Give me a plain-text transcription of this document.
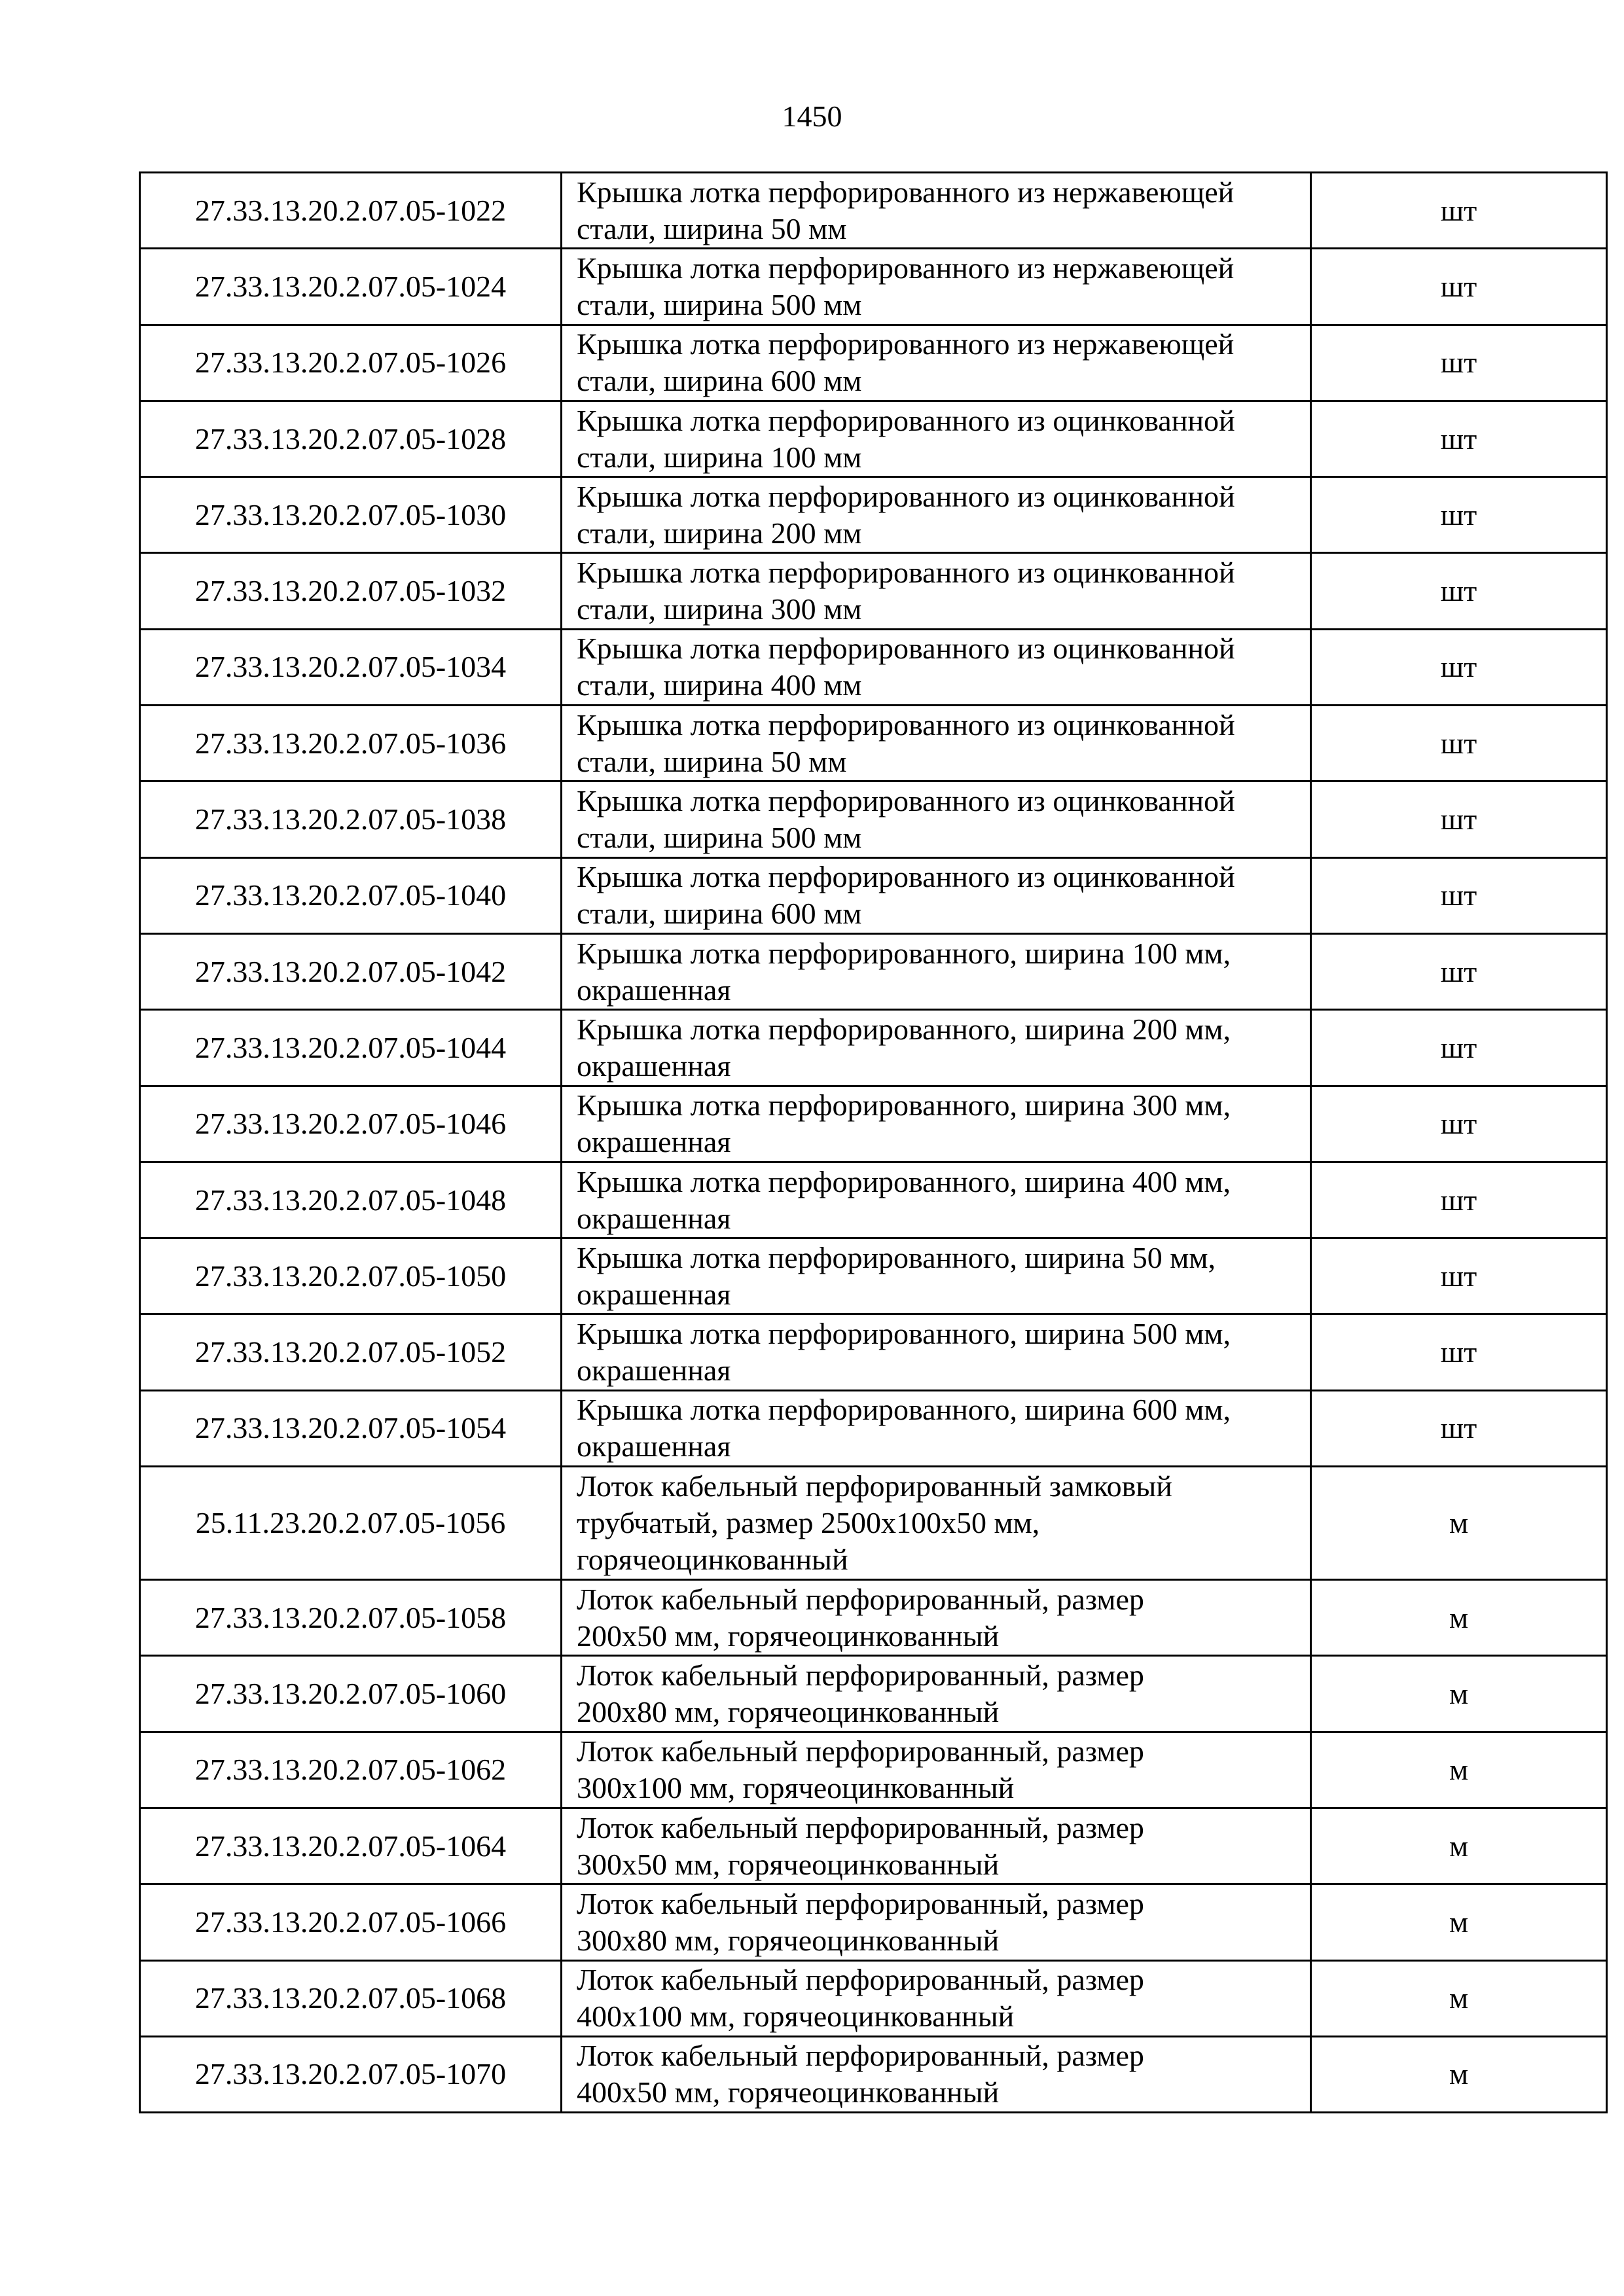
1450
27.33.13.20.2.07.05-1022	Крышка лотка перфорированного из нержавеющей
стали, ширина 50 мм	шт
27.33.13.20.2.07.05-1024	Крышка лотка перфорированного из нержавеющей
стали, ширина 500 мм	шт
27.33.13.20.2.07.05-1026	Крышка лотка перфорированного из нержавеющей
стали, ширина 600 мм	шт
27.33.13.20.2.07.05-1028	Крышка лотка перфорированного из оцинкованной
стали, ширина 100 мм	шт
27.33.13.20.2.07.05-1030	Крышка лотка перфорированного из оцинкованной
стали, ширина 200 мм	шт
27.33.13.20.2.07.05-1032	Крышка лотка перфорированного из оцинкованной
стали, ширина 300 мм	шт
27.33.13.20.2.07.05-1034	Крышка лотка перфорированного из оцинкованной
стали, ширина 400 мм	шт
27.33.13.20.2.07.05-1036	Крышка лотка перфорированного из оцинкованной
стали, ширина 50 мм	шт
27.33.13.20.2.07.05-1038	Крышка лотка перфорированного из оцинкованной
стали, ширина 500 мм	шт
27.33.13.20.2.07.05-1040	Крышка лотка перфорированного из оцинкованной
стали, ширина 600 мм	шт
27.33.13.20.2.07.05-1042	Крышка лотка перфорированного, ширина 100 мм,
окрашенная	шт
27.33.13.20.2.07.05-1044	Крышка лотка перфорированного, ширина 200 мм,
окрашенная	шт
27.33.13.20.2.07.05-1046	Крышка лотка перфорированного, ширина 300 мм,
окрашенная	шт
27.33.13.20.2.07.05-1048	Крышка лотка перфорированного, ширина 400 мм,
окрашенная	шт
27.33.13.20.2.07.05-1050	Крышка лотка перфорированного, ширина 50 мм,
окрашенная	шт
27.33.13.20.2.07.05-1052	Крышка лотка перфорированного, ширина 500 мм,
окрашенная	шт
27.33.13.20.2.07.05-1054	Крышка лотка перфорированного, ширина 600 мм,
окрашенная	шт
25.11.23.20.2.07.05-1056	Лоток кабельный перфорированный замковый
трубчатый, размер 2500х100х50 мм,
горячеоцинкованный	м
27.33.13.20.2.07.05-1058	Лоток кабельный перфорированный, размер
200х50 мм, горячеоцинкованный	м
27.33.13.20.2.07.05-1060	Лоток кабельный перфорированный, размер
200х80 мм, горячеоцинкованный	м
27.33.13.20.2.07.05-1062	Лоток кабельный перфорированный, размер
300х100 мм, горячеоцинкованный	м
27.33.13.20.2.07.05-1064	Лоток кабельный перфорированный, размер
300х50 мм, горячеоцинкованный	м
27.33.13.20.2.07.05-1066	Лоток кабельный перфорированный, размер
300х80 мм, горячеоцинкованный	м
27.33.13.20.2.07.05-1068	Лоток кабельный перфорированный, размер
400х100 мм, горячеоцинкованный	м
27.33.13.20.2.07.05-1070	Лоток кабельный перфорированный, размер
400х50 мм, горячеоцинкованный	м
